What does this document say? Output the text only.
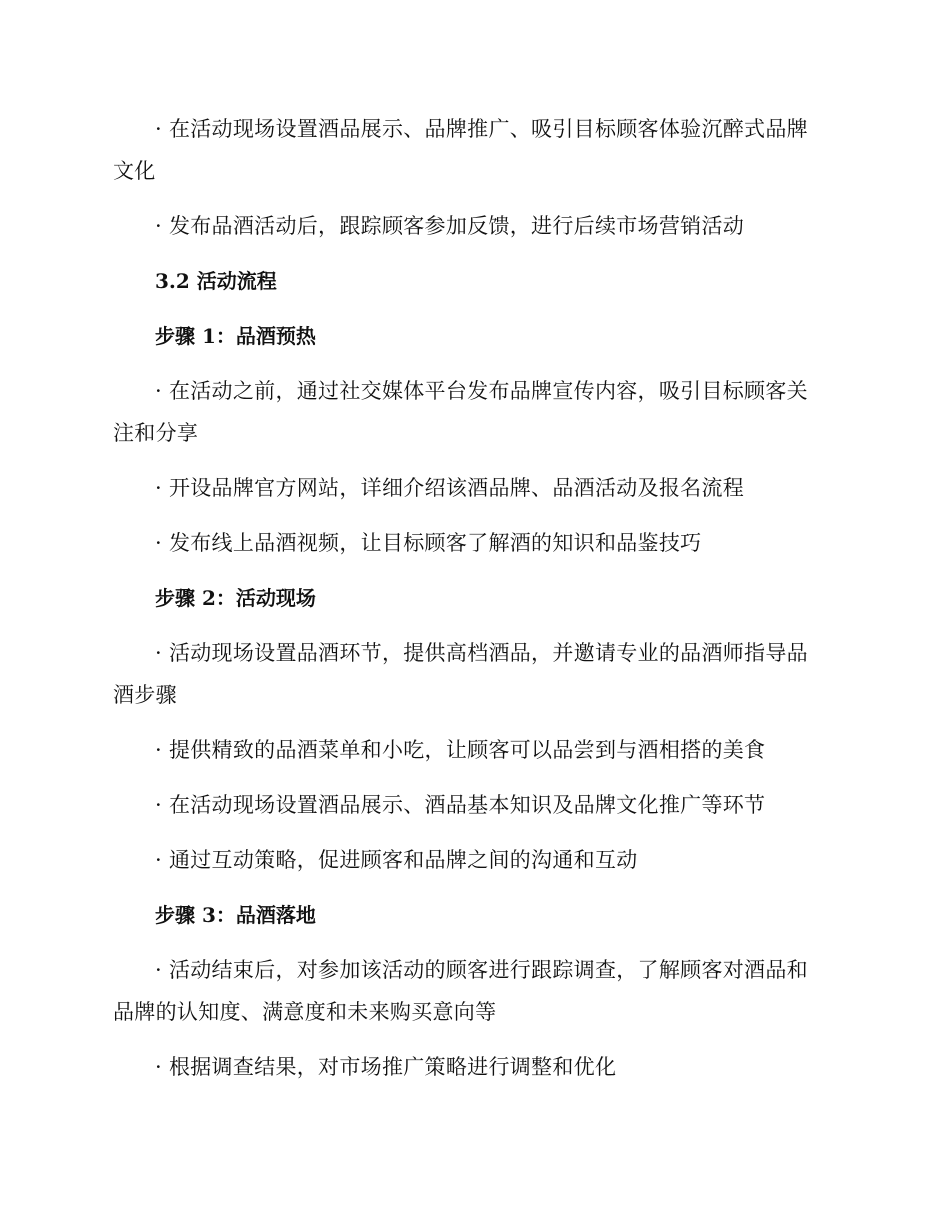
· 在活动现场设置酒品展示、品牌推广、吸引目标顾客体验沉醉式品牌文化

· 发布品酒活动后，跟踪顾客参加反馈，进行后续市场营销活动

3.2 活动流程

步骤 1：品酒预热

· 在活动之前，通过社交媒体平台发布品牌宣传内容，吸引目标顾客关注和分享

· 开设品牌官方网站，详细介绍该酒品牌、品酒活动及报名流程

· 发布线上品酒视频，让目标顾客了解酒的知识和品鉴技巧

步骤 2：活动现场

· 活动现场设置品酒环节，提供高档酒品，并邀请专业的品酒师指导品酒步骤

· 提供精致的品酒菜单和小吃，让顾客可以品尝到与酒相搭的美食

· 在活动现场设置酒品展示、酒品基本知识及品牌文化推广等环节

· 通过互动策略，促进顾客和品牌之间的沟通和互动

步骤 3：品酒落地

· 活动结束后，对参加该活动的顾客进行跟踪调查，了解顾客对酒品和品牌的认知度、满意度和未来购买意向等

· 根据调查结果，对市场推广策略进行调整和优化
